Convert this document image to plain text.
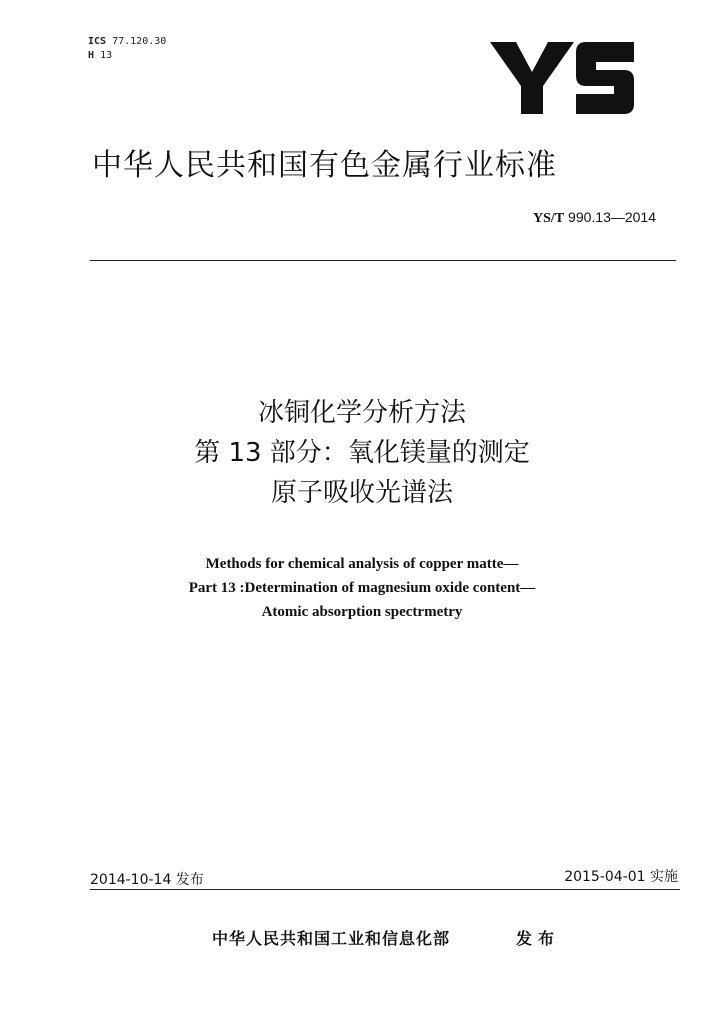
ICS 77.120.30
H 13
中华人民共和国有色金属行业标准
YS/T 990.13—2014
冰铜化学分析方法
第 13 部分：氧化镁量的测定
原子吸收光谱法
Methods for chemical analysis of copper matte—
Part 13 :Determination of magnesium oxide content—
Atomic absorption spectrmetry
2014-10-14 发布	2015-04-01 实施
中华人民共和国工业和信息化部	发布
